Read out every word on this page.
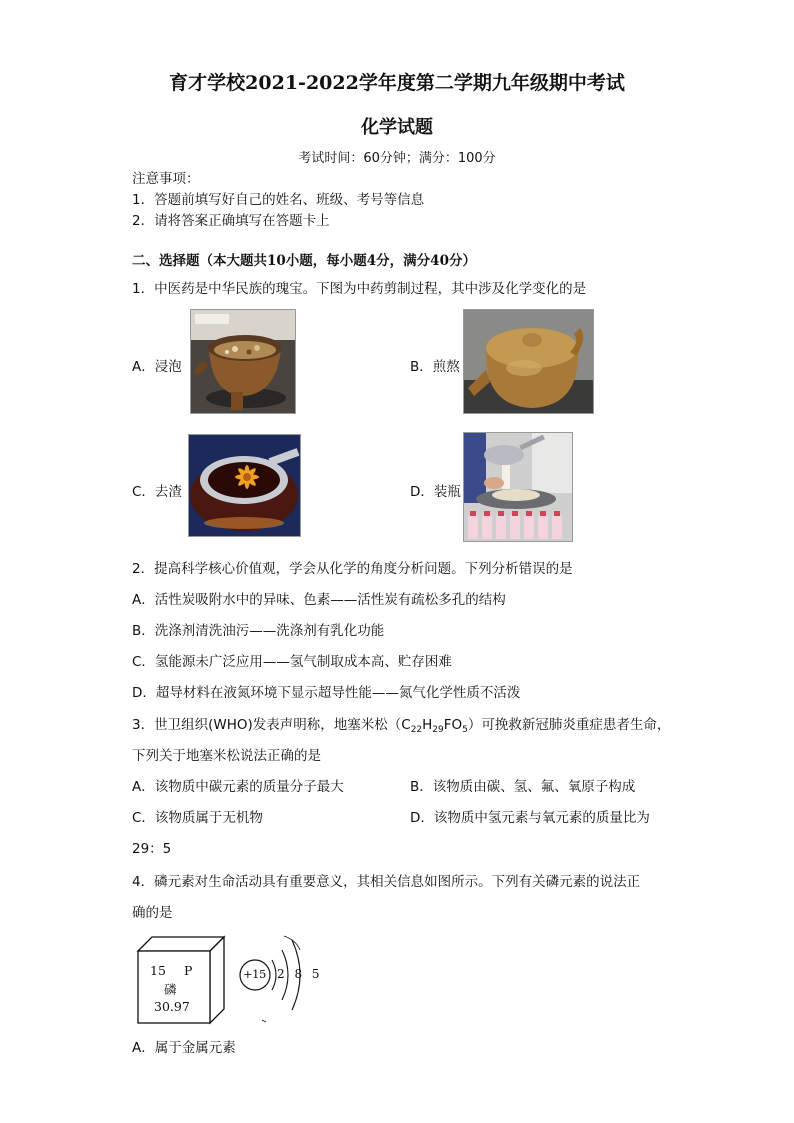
育才学校2021-2022学年度第二学期九年级期中考试
化学试题
考试时间：60分钟；满分：100分
注意事项：
1．答题前填写好自己的姓名、班级、考号等信息
2．请将答案正确填写在答题卡上
二、选择题（本大题共10小题，每小题4分，满分40分）
1．中医药是中华民族的瑰宝。下图为中药剪制过程，其中涉及化学变化的是
A．浸泡	B．煎熬
C．去渣	D．装瓶
2．提高科学核心价值观，学会从化学的角度分析问题。下列分析错误的是
A．活性炭吸附水中的异味、色素——活性炭有疏松多孔的结构
B．洗涤剂清洗油污——洗涤剂有乳化功能
C．氢能源未广泛应用——氢气制取成本高、贮存困难
D．超导材料在液氮环境下显示超导性能——氮气化学性质不活泼
3．世卫组织(WHO)发表声明称，地塞米松$(C_{22}H_{29}FO_5)$可挽救新冠肺炎重症患者生命，
下列关于地塞米松说法正确的是
A．该物质中碳元素的质量分子最大	B．该物质由碳、氢、氟、氧原子构成
C．该物质属于无机物	D．该物质中氢元素与氧元素的质量比为
29：5
4．磷元素对生命活动具有重要意义，其相关信息如图所示。下列有关磷元素的说法正
确的是
15 P
磷
30.97
+15 2 8 5
A．属于金属元素
